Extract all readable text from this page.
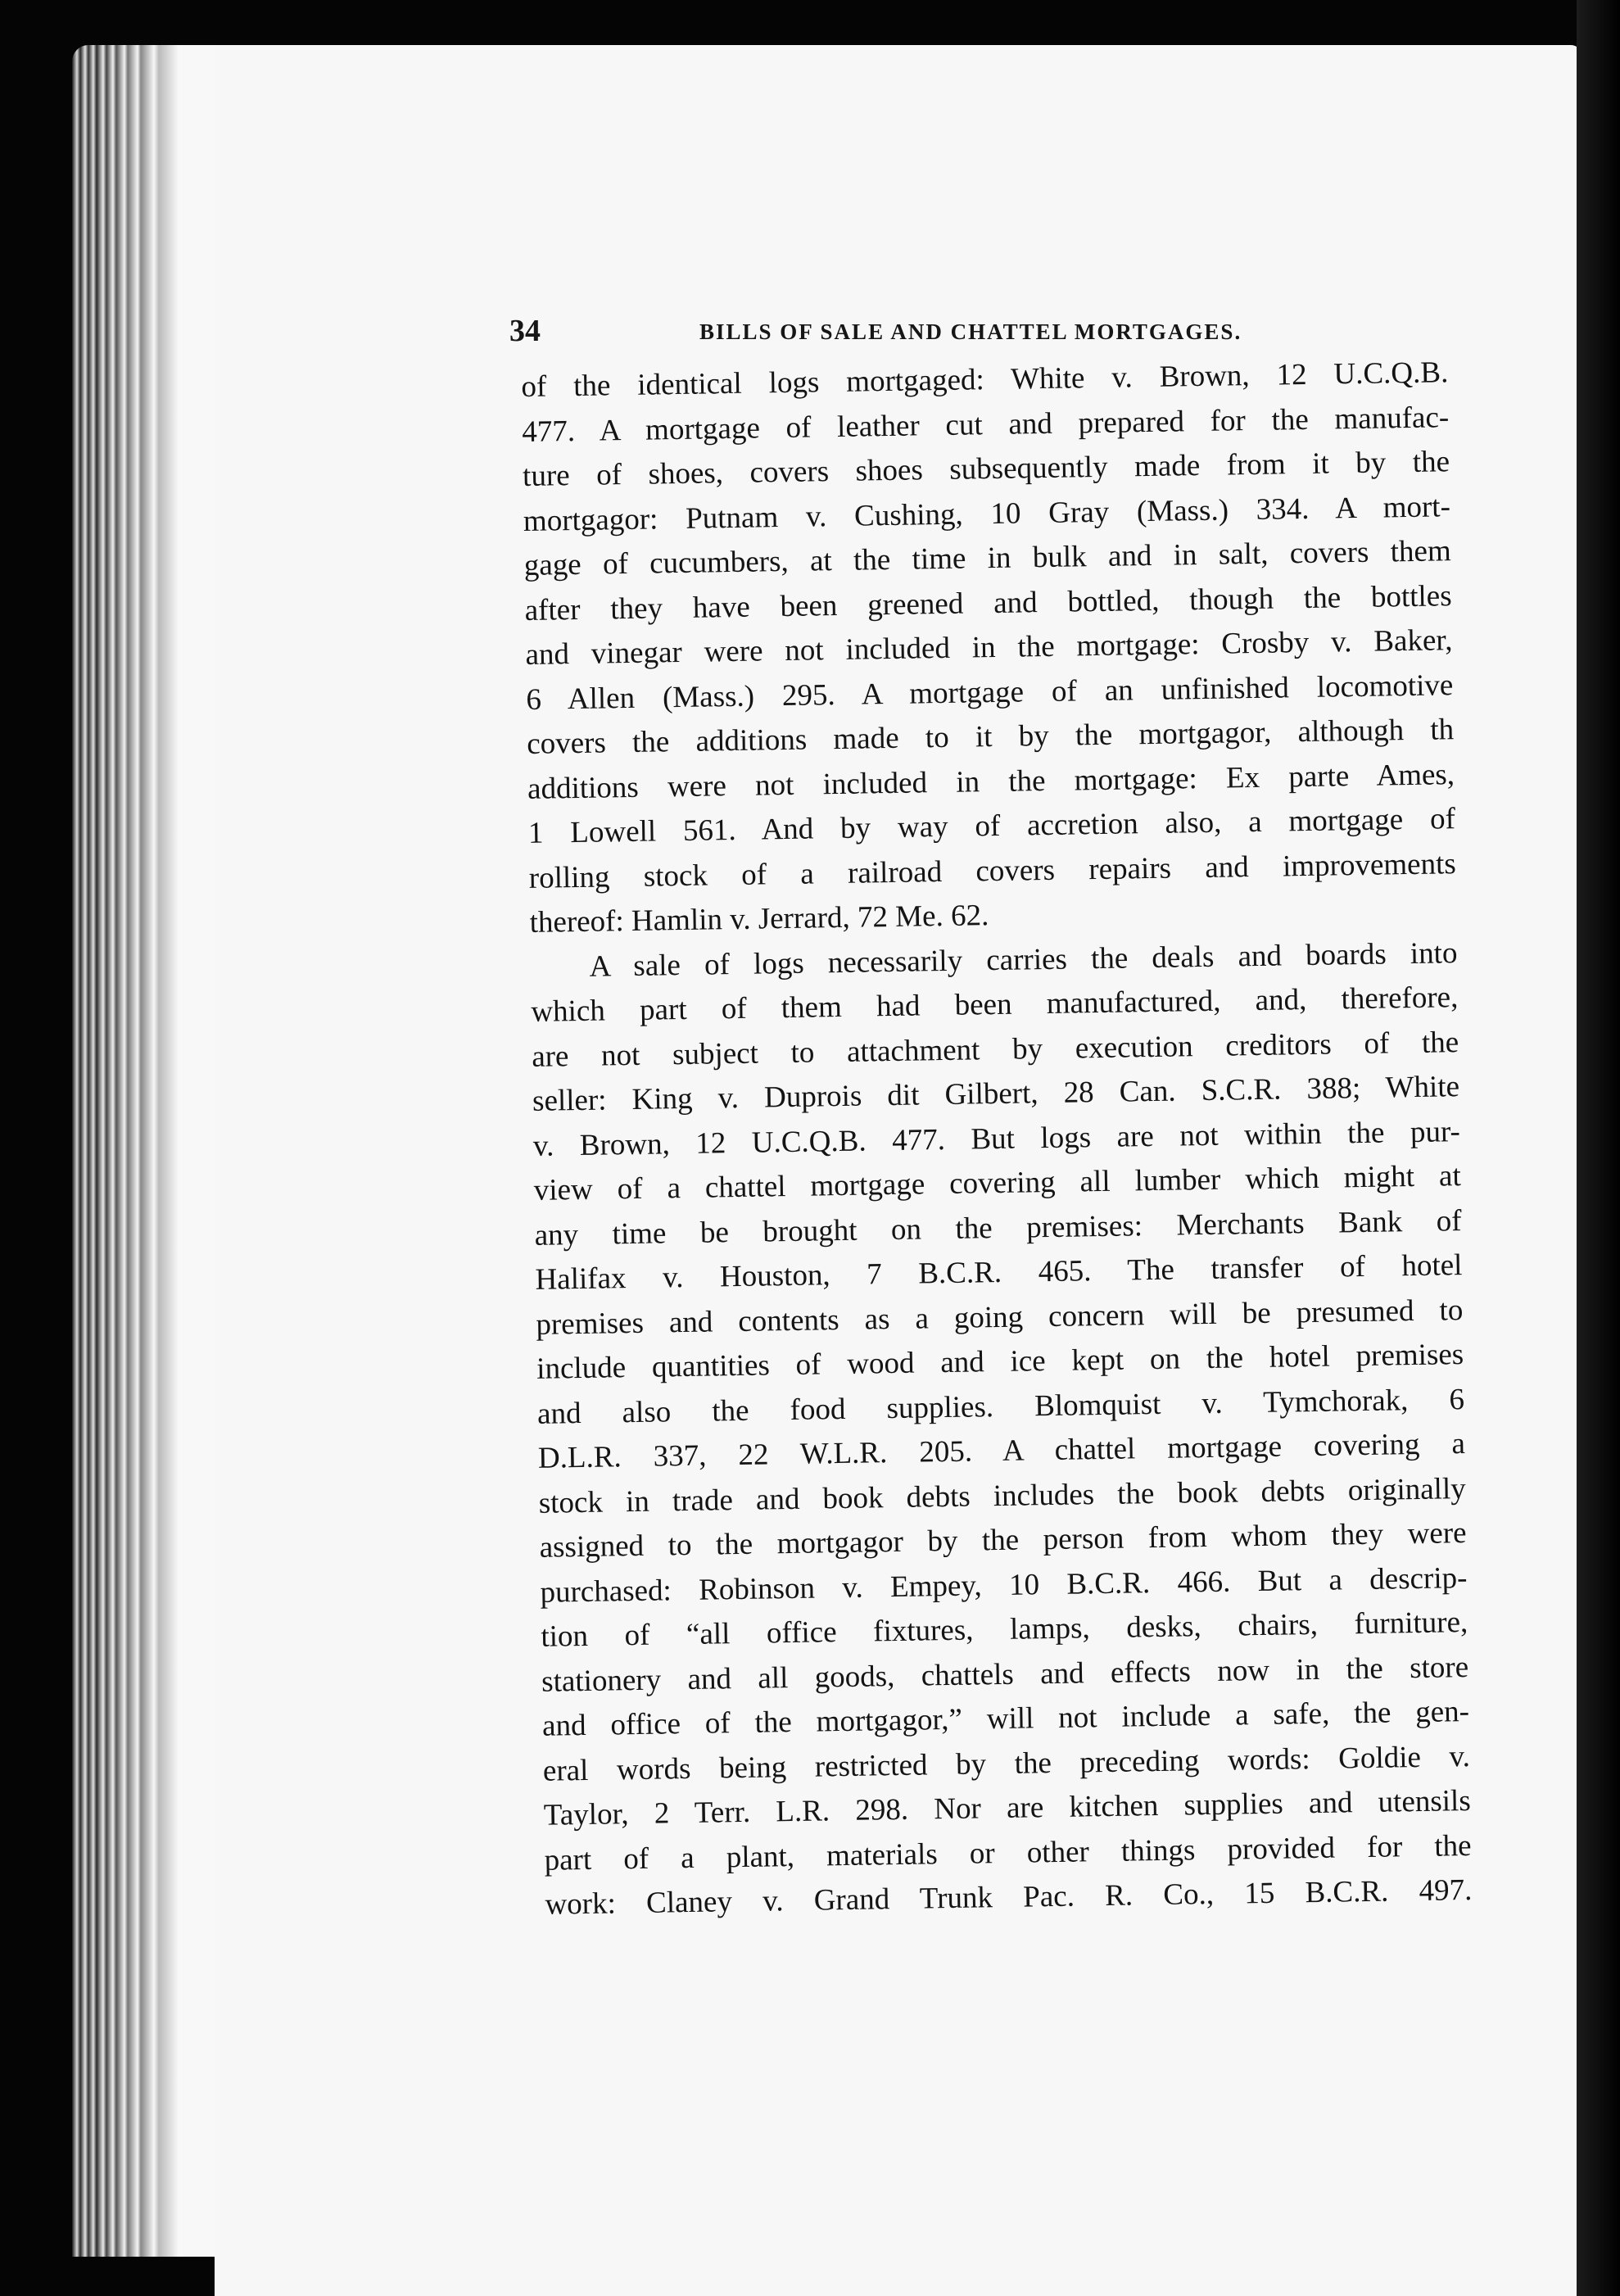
34	BILLS OF SALE AND CHATTEL MORTGAGES.
of the identical logs mortgaged: White v. Brown, 12 U.C.Q.B.
477. A mortgage of leather cut and prepared for the manufac-
ture of shoes, covers shoes subsequently made from it by the
mortgagor: Putnam v. Cushing, 10 Gray (Mass.) 334. A mort-
gage of cucumbers, at the time in bulk and in salt, covers them
after they have been greened and bottled, though the bottles
and vinegar were not included in the mortgage: Crosby v. Baker,
6 Allen (Mass.) 295. A mortgage of an unfinished locomotive
covers the additions made to it by the mortgagor, although th
additions were not included in the mortgage: Ex parte Ames,
1 Lowell 561. And by way of accretion also, a mortgage of
rolling stock of a railroad covers repairs and improvements
thereof: Hamlin v. Jerrard, 72 Me. 62.
A sale of logs necessarily carries the deals and boards into
which part of them had been manufactured, and, therefore,
are not subject to attachment by execution creditors of the
seller: King v. Duprois dit Gilbert, 28 Can. S.C.R. 388; White
v. Brown, 12 U.C.Q.B. 477. But logs are not within the pur-
view of a chattel mortgage covering all lumber which might at
any time be brought on the premises: Merchants Bank of
Halifax v. Houston, 7 B.C.R. 465. The transfer of hotel
premises and contents as a going concern will be presumed to
include quantities of wood and ice kept on the hotel premises
and also the food supplies. Blomquist v. Tymchorak, 6
D.L.R. 337, 22 W.L.R. 205. A chattel mortgage covering a
stock in trade and book debts includes the book debts originally
assigned to the mortgagor by the person from whom they were
purchased: Robinson v. Empey, 10 B.C.R. 466. But a descrip-
tion of “all office fixtures, lamps, desks, chairs, furniture,
stationery and all goods, chattels and effects now in the store
and office of the mortgagor,” will not include a safe, the gen-
eral words being restricted by the preceding words: Goldie v.
Taylor, 2 Terr. L.R. 298. Nor are kitchen supplies and utensils
part of a plant, materials or other things provided for the
work: Claney v. Grand Trunk Pac. R. Co., 15 B.C.R. 497.
